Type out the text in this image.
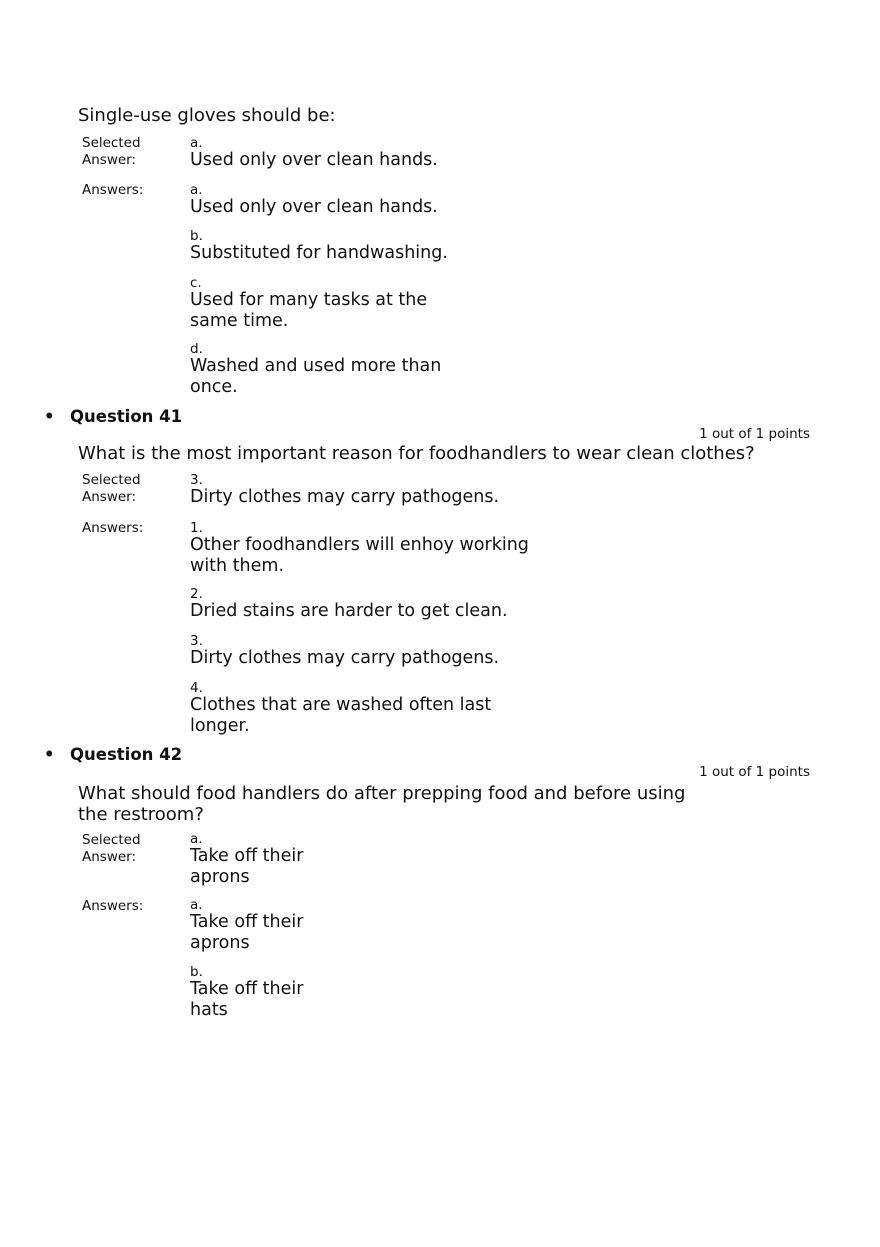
Single-use gloves should be:
Selected Answer:
a.
Used only over clean hands.
Answers:	a.
Used only over clean hands.
b.
Substituted for handwashing.
c.
Used for many tasks at the same time.
d.
Washed and used more than once.
• Question 41
1 out of 1 points
What is the most important reason for foodhandlers to wear clean clothes?
Selected Answer:
3.
Dirty clothes may carry pathogens.
Answers:	1.
Other foodhandlers will enhoy working with them.
2.
Dried stains are harder to get clean.
3.
Dirty clothes may carry pathogens.
4.
Clothes that are washed often last longer.
• Question 42
1 out of 1 points
What should food handlers do after prepping food and before using the restroom?
Selected Answer:
a.
Take off their aprons
Answers:	a.
Take off their aprons
b.
Take off their hats
